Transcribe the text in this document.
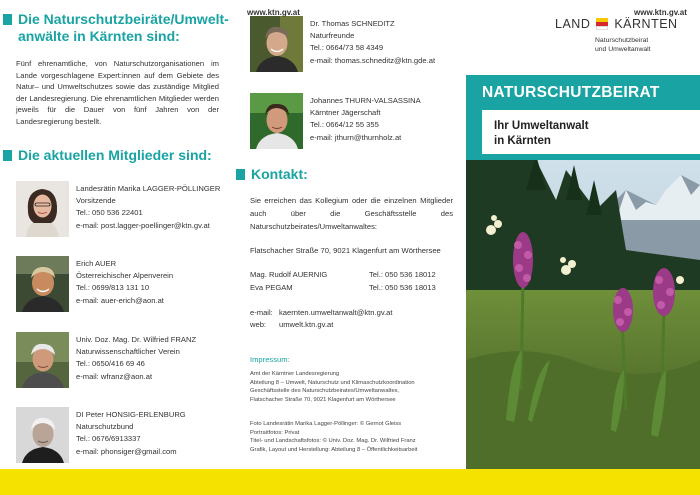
Die Naturschutzbeiräte/Umwelt-
anwälte in Kärnten sind:
Fünf ehrenamtliche, von Naturschutzorganisationen im Lande vorgeschlagene Expert:innen auf dem Gebiete des Natur– und Umweltschutzes sowie das zuständige Mitglied der Landesregierung. Die ehrenamtlichen Mitglieder werden jeweils für die Dauer von fünf Jahren von der Landesregierung bestellt.
Die aktuellen Mitglieder sind:
Landesrätin Marika LAGGER-PÖLLINGER
Vorsitzende
Tel.: 050 536 22401
e-mail: post.lagger-poellinger@ktn.gv.at
Erich AUER
Österreichischer Alpenverein
Tel.: 0699/813 131 10
e-mail: auer-erich@aon.at
Univ. Doz. Mag. Dr. Wilfried FRANZ
Naturwissenschaftlicher Verein
Tel.: 0650/416 69 46
e-mail: wfranz@aon.at
DI Peter HONSIG-ERLENBURG
Naturschutzbund
Tel.: 0676/6913337
e-mail: phonsiger@gmail.com
Dr. Thomas SCHNEDITZ
Naturfreunde
Tel.: 0664/73 58 4349
e-mail: thomas.schneditz@ktn.gde.at
Johannes THURN-VALSASSINA
Kärntner Jägerschaft
Tel.: 0664/12 55 355
e-mail: jthurn@thurnholz.at
Kontakt:
Sie erreichen das Kollegium oder die einzelnen Mitglieder auch über die Geschäftsstelle des Naturschutzbeirates/Umweltanwaltes:
Flatschacher Straße 70, 9021 Klagenfurt am Wörthersee
Mag. Rudolf AUERNIG	Tel.: 050 536 18012
Eva PEGAM	Tel.: 050 536 18013
e-mail: kaernten.umweltanwalt@ktn.gv.at
web: umwelt.ktn.gv.at
Impressum:
Amt der Kärntner Landesregierung
Abteilung 8 – Umwelt, Naturschutz und Klimaschutzkoordination
Geschäftsstelle des Naturschutzbeirates/Umweltanwaltes,
Flatschacher Straße 70, 9021 Klagenfurt am Wörthersee
Foto Landesrätin Marika Lagger-Pöllinger: © Gernot Gleiss
Portraitfotos: Privat
Titel- und Landschaftsfotos: © Univ. Doz. Mag. Dr. Wilfried Franz
Grafik, Layout und Herstellung: Abteilung 8 – Öffentlichkeitsarbeit
LAND KÄRNTEN
Naturschutzbeirat
und Umweltanwalt
NATURSCHUTZBEIRAT
Ihr Umweltanwalt
in Kärnten
www.ktn.gv.at	www.ktn.gv.at
